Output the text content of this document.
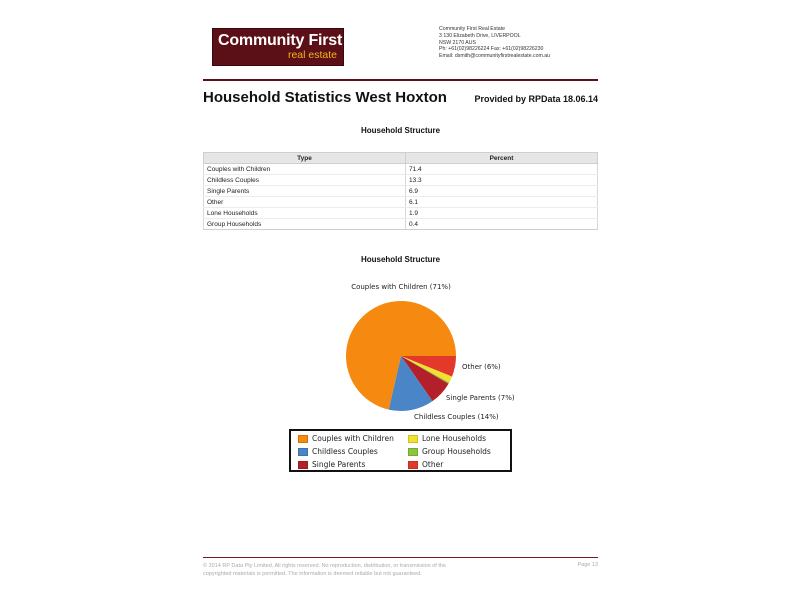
Community First
real estate
Community First Real Estate
3 130 Elizabeth Drive, LIVERPOOL
NSW 2170 AUS
Ph: +61(02)98226224 Fax: +61(02)98226230
Email: dsmith@communityfirstrealestate.com.au
Household Statistics West Hoxton	Provided by RPData 18.06.14
Household Structure
Type	Percent
Couples with Children	71.4
Childless Couples	13.3
Single Parents	6.9
Other	6.1
Lone Households	1.9
Group Households	0.4
Household Structure
Couples with Children (71%)
Other (6%)
Single Parents (7%)
Childless Couples (14%)
Couples with Children	Lone Households
Childless Couples	Group Households
Single Parents	Other
© 2014 RP Data Pty Limited. All rights reserved. No reproduction, distribution, or transmission of the
copyrighted materials is permitted. The information is deemed reliable but not guaranteed.
Page 13
